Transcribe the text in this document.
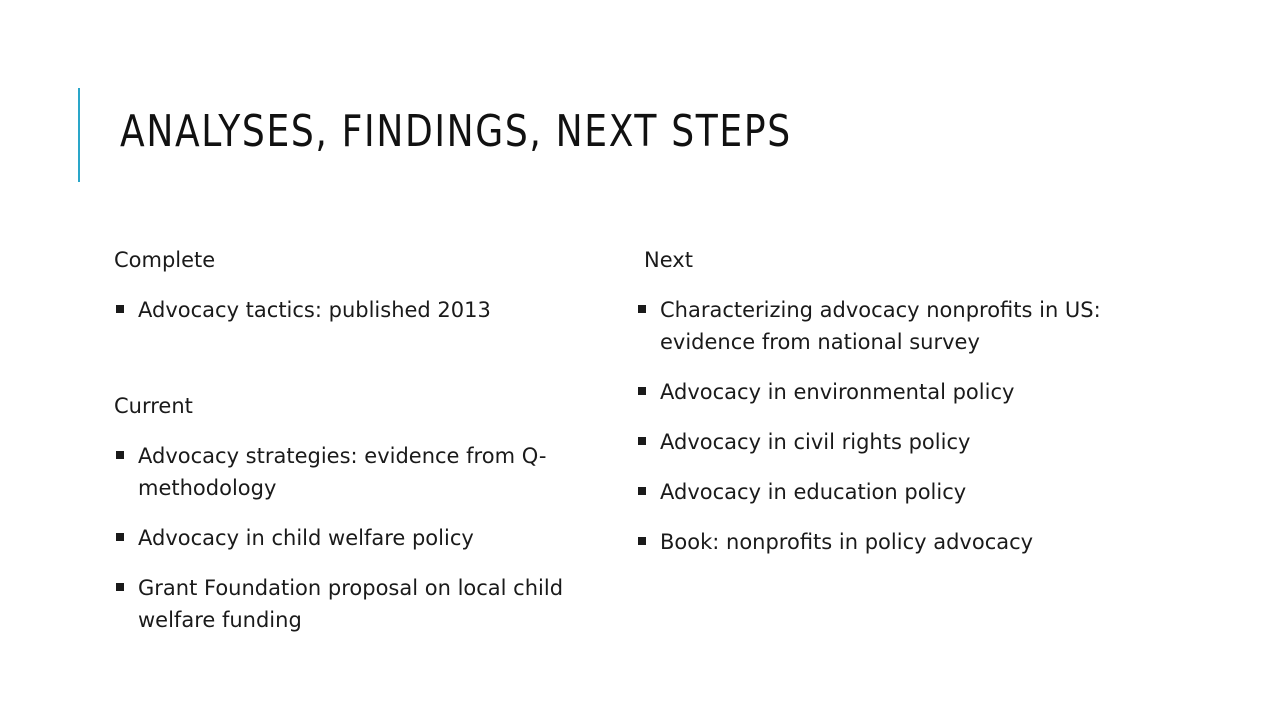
ANALYSES, FINDINGS, NEXT STEPS
Complete
Advocacy tactics: published 2013
Current
Advocacy strategies: evidence from Q-methodology
Advocacy in child welfare policy
Grant Foundation proposal on local child welfare funding
Next
Characterizing advocacy nonprofits in US: evidence from national survey
Advocacy in environmental policy
Advocacy in civil rights policy
Advocacy in education policy
Book: nonprofits in policy advocacy
